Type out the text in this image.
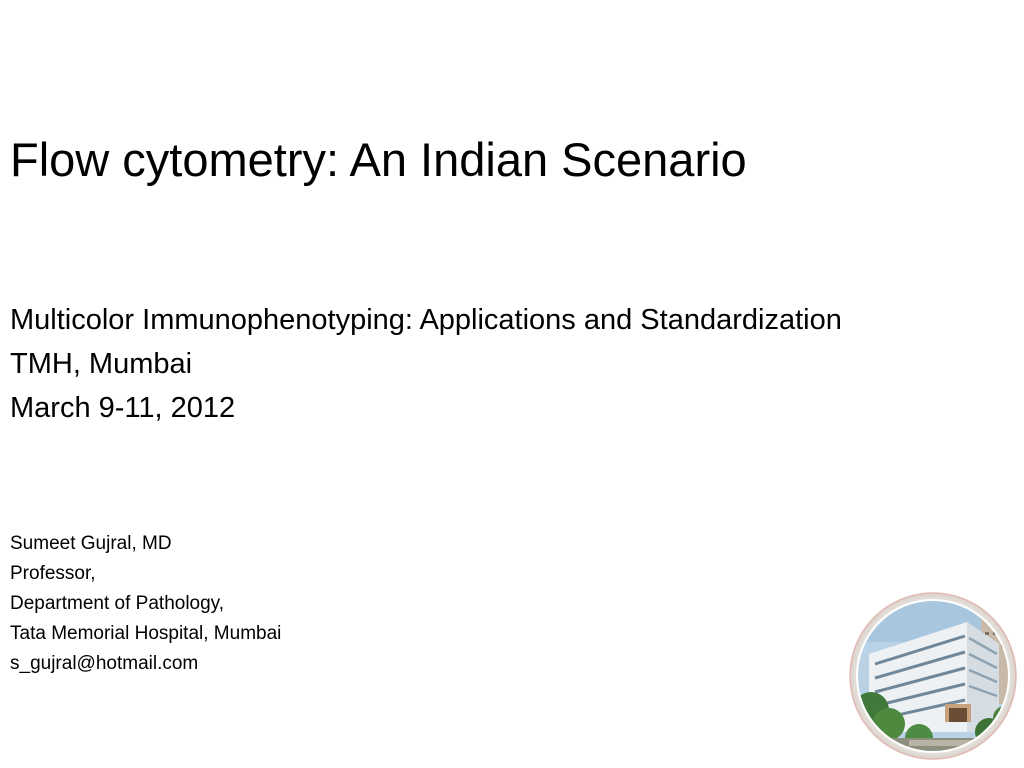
Flow cytometry: An Indian Scenario
Multicolor Immunophenotyping: Applications and Standardization
TMH, Mumbai
March 9-11, 2012
Sumeet Gujral, MD
Professor,
Department of Pathology,
Tata Memorial Hospital, Mumbai
s_gujral@hotmail.com
